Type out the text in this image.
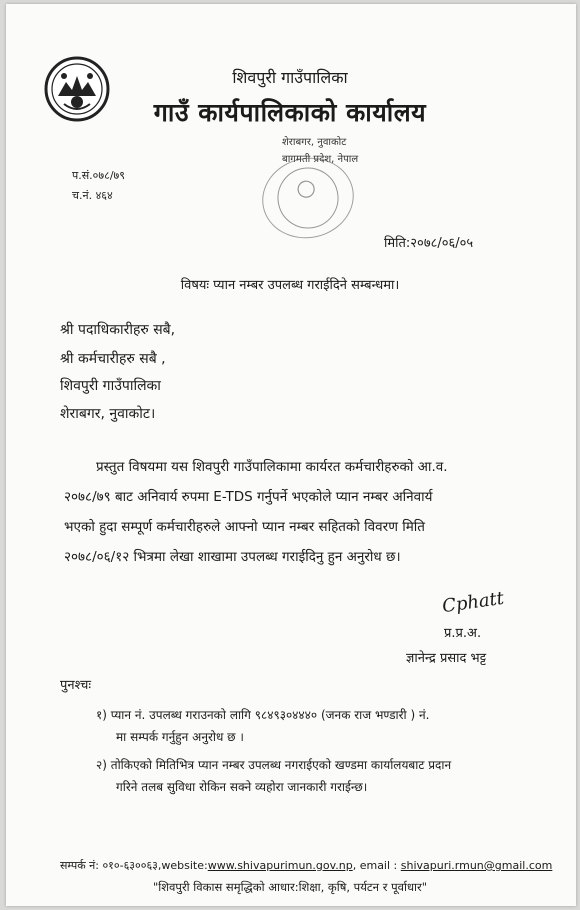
शिवपुरी गाउँपालिका
गाउँ कार्यपालिकाको कार्यालय
शेराबगर, नुवाकोट
बागमती प्रदेश, नेपाल
प.सं.०७८/७९
च.नं. ४६४
मिति:२०७८/०६/०५
विषयः प्यान नम्बर उपलब्ध गराईदिने सम्बन्धमा।
श्री पदाधिकारीहरु सबै,
श्री कर्मचारीहरु सबै ,
शिवपुरी गाउँपालिका
शेराबगर, नुवाकोट।
प्रस्तुत विषयमा यस शिवपुरी गाउँपालिकामा कार्यरत कर्मचारीहरुको आ.व.
२०७८/७९ बाट अनिवार्य रुपमा E-TDS गर्नुपर्ने भएकोले प्यान नम्बर अनिवार्य
भएको हुदा सम्पूर्ण कर्मचारीहरुले आफ्नो प्यान नम्बर सहितको विवरण मिति
२०७८/०६/१२ भित्रमा लेखा शाखामा उपलब्ध गराईदिनु हुन अनुरोध छ।
Cphatt
प्र.प्र.अ.
ज्ञानेन्द्र प्रसाद भट्ट
पुनश्चः
१) प्यान नं. उपलब्ध गराउनको लागि ९८४९३०४४४० (जनक राज भण्डारी ) नं.
मा सम्पर्क गर्नुहुन अनुरोध छ ।
२) तोकिएको मितिभित्र प्यान नम्बर उपलब्ध नगराईएको खण्डमा कार्यालयबाट प्रदान
गरिने तलब सुविधा रोकिन सक्ने व्यहोरा जानकारी गराईन्छ।
सम्पर्क नं: ०१०-६३००६३,website:www.shivapurimun.gov.np, email : shivapuri.rmun@gmail.com
"शिवपुरी विकास समृद्धिको आधार:शिक्षा, कृषि, पर्यटन र पूर्वाधार"
